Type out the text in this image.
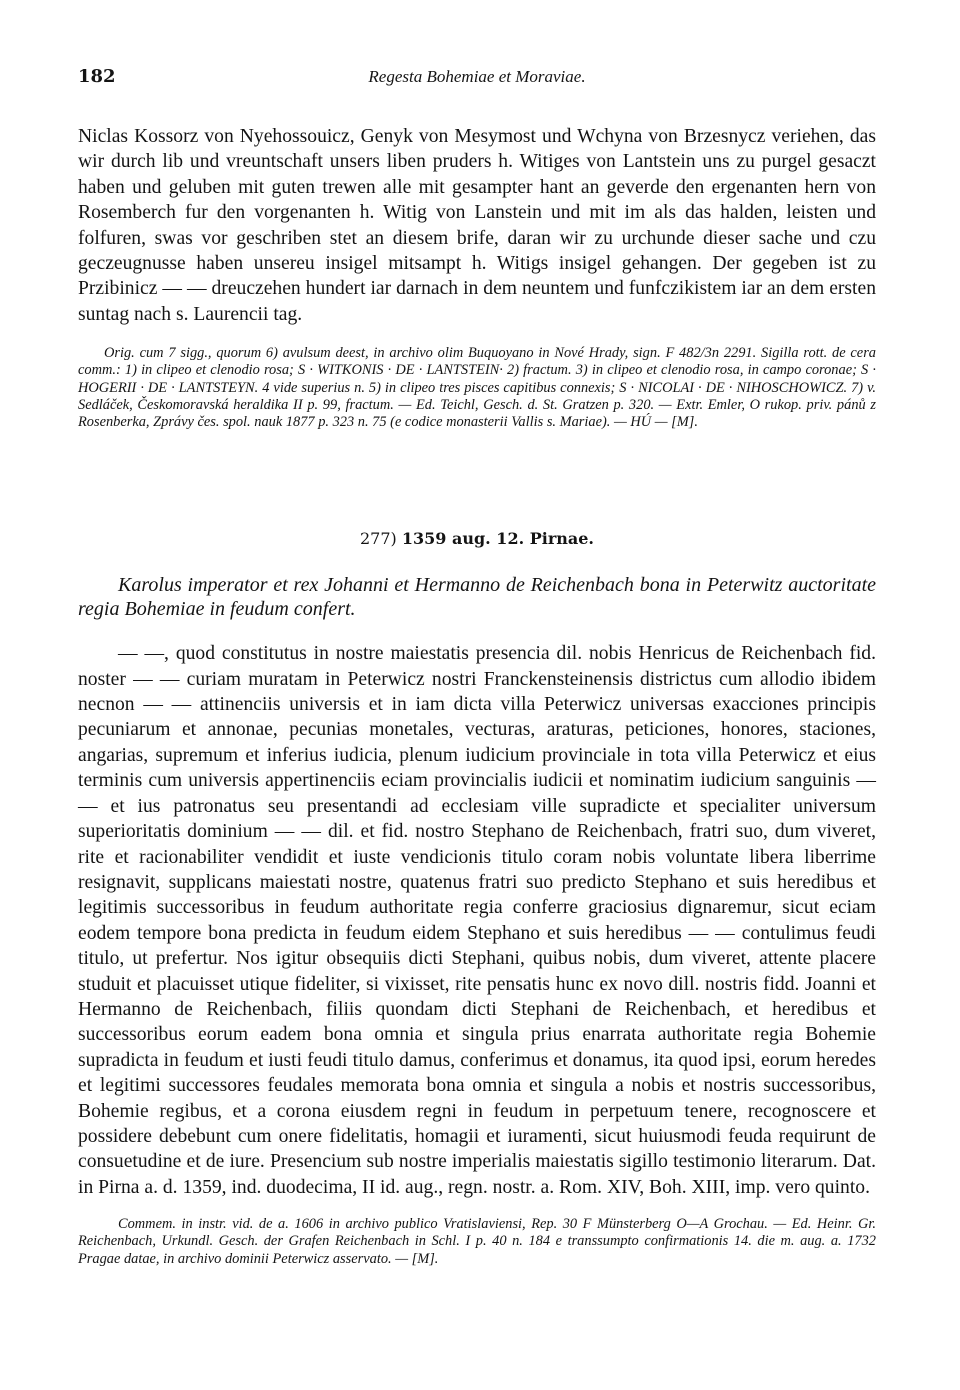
182	Regesta Bohemiae et Moraviae.

Niclas Kossorz von Nyehossouicz, Genyk von Mesymost und Wchyna von Brzesnycz veriehen, das wir durch lib und vreuntschaft unsers liben pruders h. Witiges von Lantstein uns zu purgel gesaczt haben und geluben mit guten trewen alle mit gesampter hant an geverde den ergenanten hern von Rosemberch fur den vorgenanten h. Witig von Lanstein und mit im als das halden, leisten und folfuren, swas vor geschriben stet an diesem brife, daran wir zu urchunde dieser sache und czu geczeugnusse haben unsereu insigel mitsampt h. Witigs insigel gehangen. Der gegeben ist zu Przibinicz — — dreuczehen hundert iar darnach in dem neuntem und funfczikistem iar an dem ersten suntag nach s. Laurencii tag.

Orig. cum 7 sigg., quorum 6) avulsum deest, in archivo olim Buquoyano in Nové Hrady, sign. F 482/3n 2291. Sigilla rott. de cera comm.: 1) in clipeo et clenodio rosa; S · WITKONIS · DE · LANTSTEIN· 2) fractum. 3) in clipeo et clenodio rosa, in campo coronae; S · HOGERII · DE · LANTSTEYN. 4 vide superius n. 5) in clipeo tres pisces capitibus connexis; S · NICOLAI · DE · NIHOSCHOWICZ. 7) v. Sedláček, Českomoravská heraldika II p. 99, fractum. — Ed. Teichl, Gesch. d. St. Gratzen p. 320. — Extr. Emler, O rukop. priv. pánů z Rosenberka, Zprávy čes. spol. nauk 1877 p. 323 n. 75 (e codice monasterii Vallis s. Mariae). — HÚ — [M].

277) 1359 aug. 12. Pirnae.

Karolus imperator et rex Johanni et Hermanno de Reichenbach bona in Peterwitz auctoritate regia Bohemiae in feudum confert.

— —, quod constitutus in nostre maiestatis presencia dil. nobis Henricus de Reichenbach fid. noster — — curiam muratam in Peterwicz nostri Franckensteinensis districtus cum allodio ibidem necnon — — attinenciis universis et in iam dicta villa Peterwicz universas exacciones principis pecuniarum et annonae, pecunias monetales, vecturas, araturas, peticiones, honores, staciones, angarias, supremum et inferius iudicia, plenum iudicium provinciale in tota villa Peterwicz et eius terminis cum universis appertinenciis eciam provincialis iudicii et nominatim iudicium sanguinis — — et ius patronatus seu presentandi ad ecclesiam ville supradicte et specialiter universum superioritatis dominium — — dil. et fid. nostro Stephano de Reichenbach, fratri suo, dum viveret, rite et racionabiliter vendidit et iuste vendicionis titulo coram nobis voluntate libera liberrime resignavit, supplicans maiestati nostre, quatenus fratri suo predicto Stephano et suis heredibus et legitimis successoribus in feudum authoritate regia conferre graciosius dignaremur, sicut eciam eodem tempore bona predicta in feudum eidem Stephano et suis heredibus — — contulimus feudi titulo, ut prefertur. Nos igitur obsequiis dicti Stephani, quibus nobis, dum viveret, attente placere studuit et placuisset utique fideliter, si vixisset, rite pensatis hunc ex novo dill. nostris fidd. Joanni et Hermanno de Reichenbach, filiis quondam dicti Stephani de Reichenbach, et heredibus et successoribus eorum eadem bona omnia et singula prius enarrata authoritate regia Bohemie supradicta in feudum et iusti feudi titulo damus, conferimus et donamus, ita quod ipsi, eorum heredes et legitimi successores feudales memorata bona omnia et singula a nobis et nostris successoribus, Bohemie regibus, et a corona eiusdem regni in feudum in perpetuum tenere, recognoscere et possidere debebunt cum onere fidelitatis, homagii et iuramenti, sicut huiusmodi feuda requirunt de consuetudine et de iure. Presencium sub nostre imperialis maiestatis sigillo testimonio literarum. Dat. in Pirna a. d. 1359, ind. duodecima, II id. aug., regn. nostr. a. Rom. XIV, Boh. XIII, imp. vero quinto.

Commem. in instr. vid. de a. 1606 in archivo publico Vratislaviensi, Rep. 30 F Münsterberg O—A Grochau. — Ed. Heinr. Gr. Reichenbach, Urkundl. Gesch. der Grafen Reichenbach in Schl. I p. 40 n. 184 e transsumpto confirmationis 14. die m. aug. a. 1732 Pragae datae, in archivo dominii Peterwicz asservato. — [M].
